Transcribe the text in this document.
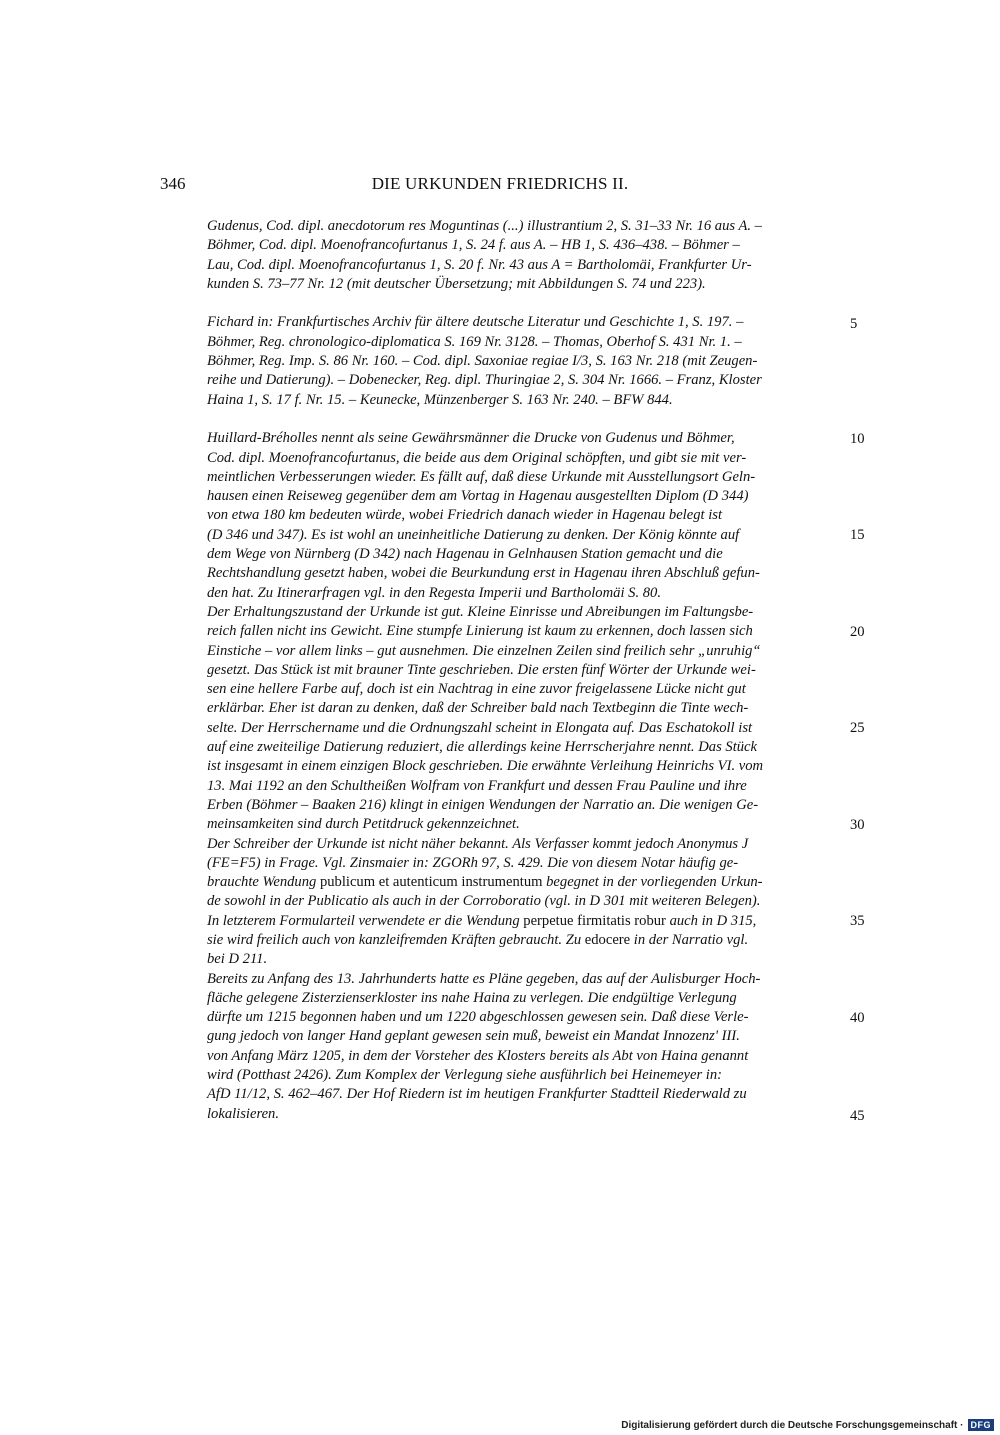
346	DIE URKUNDEN FRIEDRICHS II.
Gudenus, Cod. dipl. anecdotorum res Moguntinas (...) illustrantium 2, S. 31–33 Nr. 16 aus A. –
Böhmer, Cod. dipl. Moenofrancofurtanus 1, S. 24 f. aus A. – HB 1, S. 436–438. – Böhmer –
Lau, Cod. dipl. Moenofrancofurtanus 1, S. 20 f. Nr. 43 aus A = Bartholomäi, Frankfurter Ur-
kunden S. 73–77 Nr. 12 (mit deutscher Übersetzung; mit Abbildungen S. 74 und 223).
Fichard in: Frankfurtisches Archiv für ältere deutsche Literatur und Geschichte 1, S. 197. –
Böhmer, Reg. chronologico-diplomatica S. 169 Nr. 3128. – Thomas, Oberhof S. 431 Nr. 1. –
Böhmer, Reg. Imp. S. 86 Nr. 160. – Cod. dipl. Saxoniae regiae I/3, S. 163 Nr. 218 (mit Zeugen-
reihe und Datierung). – Dobenecker, Reg. dipl. Thuringiae 2, S. 304 Nr. 1666. – Franz, Kloster
Haina 1, S. 17 f. Nr. 15. – Keunecke, Münzenberger S. 163 Nr. 240. – BFW 844.
Huillard-Bréholles nennt als seine Gewährsmänner die Drucke von Gudenus und Böhmer,
Cod. dipl. Moenofrancofurtanus, die beide aus dem Original schöpften, und gibt sie mit ver-
meintlichen Verbesserungen wieder. Es fällt auf, daß diese Urkunde mit Ausstellungsort Geln-
hausen einen Reiseweg gegenüber dem am Vortag in Hagenau ausgestellten Diplom (D 344)
von etwa 180 km bedeuten würde, wobei Friedrich danach wieder in Hagenau belegt ist
(D 346 und 347). Es ist wohl an uneinheitliche Datierung zu denken. Der König könnte auf
dem Wege von Nürnberg (D 342) nach Hagenau in Gelnhausen Station gemacht und die
Rechtshandlung gesetzt haben, wobei die Beurkundung erst in Hagenau ihren Abschluß gefun-
den hat. Zu Itinerarfragen vgl. in den Regesta Imperii und Bartholomäi S. 80.
Der Erhaltungszustand der Urkunde ist gut. Kleine Einrisse und Abreibungen im Faltungsbe-
reich fallen nicht ins Gewicht. Eine stumpfe Linierung ist kaum zu erkennen, doch lassen sich
Einstiche – vor allem links – gut ausnehmen. Die einzelnen Zeilen sind freilich sehr „unruhig“
gesetzt. Das Stück ist mit brauner Tinte geschrieben. Die ersten fünf Wörter der Urkunde wei-
sen eine hellere Farbe auf, doch ist ein Nachtrag in eine zuvor freigelassene Lücke nicht gut
erklärbar. Eher ist daran zu denken, daß der Schreiber bald nach Textbeginn die Tinte wech-
selte. Der Herrschername und die Ordnungszahl scheint in Elongata auf. Das Eschatokoll ist
auf eine zweiteilige Datierung reduziert, die allerdings keine Herrscherjahre nennt. Das Stück
ist insgesamt in einem einzigen Block geschrieben. Die erwähnte Verleihung Heinrichs VI. vom
13. Mai 1192 an den Schultheißen Wolfram von Frankfurt und dessen Frau Pauline und ihre
Erben (Böhmer – Baaken 216) klingt in einigen Wendungen der Narratio an. Die wenigen Ge-
meinsamkeiten sind durch Petitdruck gekennzeichnet.
Der Schreiber der Urkunde ist nicht näher bekannt. Als Verfasser kommt jedoch Anonymus J
(FE=F5) in Frage. Vgl. Zinsmaier in: ZGORh 97, S. 429. Die von diesem Notar häufig ge-
brauchte Wendung publicum et autenticum instrumentum begegnet in der vorliegenden Urkun-
de sowohl in der Publicatio als auch in der Corroboratio (vgl. in D 301 mit weiteren Belegen).
In letzterem Formularteil verwendete er die Wendung perpetue firmitatis robur auch in D 315,
sie wird freilich auch von kanzleifremden Kräften gebraucht. Zu edocere in der Narratio vgl.
bei D 211.
Bereits zu Anfang des 13. Jahrhunderts hatte es Pläne gegeben, das auf der Aulisburger Hoch-
fläche gelegene Zisterzienserkloster ins nahe Haina zu verlegen. Die endgültige Verlegung
dürfte um 1215 begonnen haben und um 1220 abgeschlossen gewesen sein. Daß diese Verle-
gung jedoch von langer Hand geplant gewesen sein muß, beweist ein Mandat Innozenz' III.
von Anfang März 1205, in dem der Vorsteher des Klosters bereits als Abt von Haina genannt
wird (Potthast 2426). Zum Komplex der Verlegung siehe ausführlich bei Heinemeyer in:
AfD 11/12, S. 462–467. Der Hof Riedern ist im heutigen Frankfurter Stadtteil Riederwald zu
lokalisieren.
5
10
15
20
25
30
35
40
45
Digitalisierung gefördert durch die Deutsche Forschungsgemeinschaft · DFG
